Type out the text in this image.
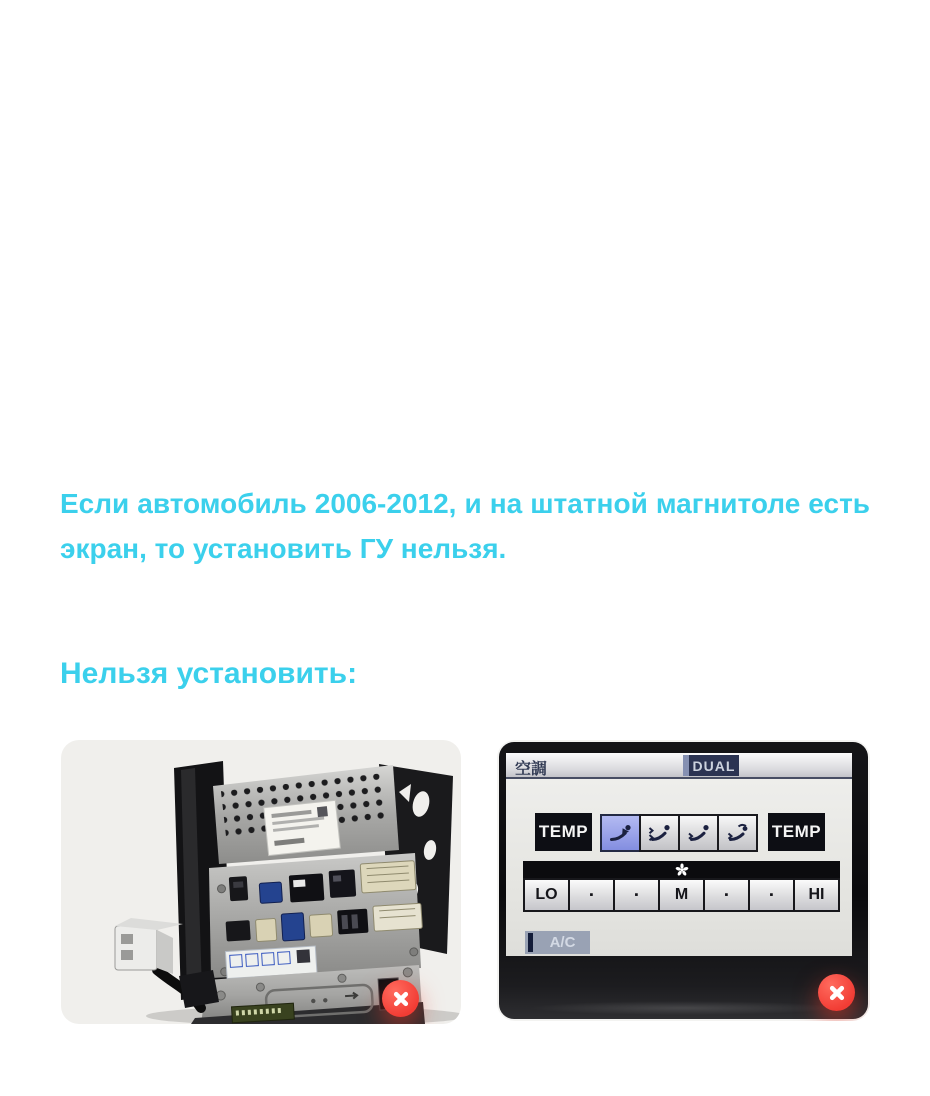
Внимание!

Если автомобиль 2006-2012, и на штатной магнитоле нет экрана, то можно установить ГУ.

Если автомобиль 2006-2009, и на штатной магнитоле есть экран, то можно установить ГУ.

Если автомобиль 2006-2012, и на штатной магнитоле есть экран, то установить ГУ нельзя.

Нельзя установить:
空調	DUAL
TEMP	TEMP
LO	▪	▪	M	▪	▪	HI
A/C
